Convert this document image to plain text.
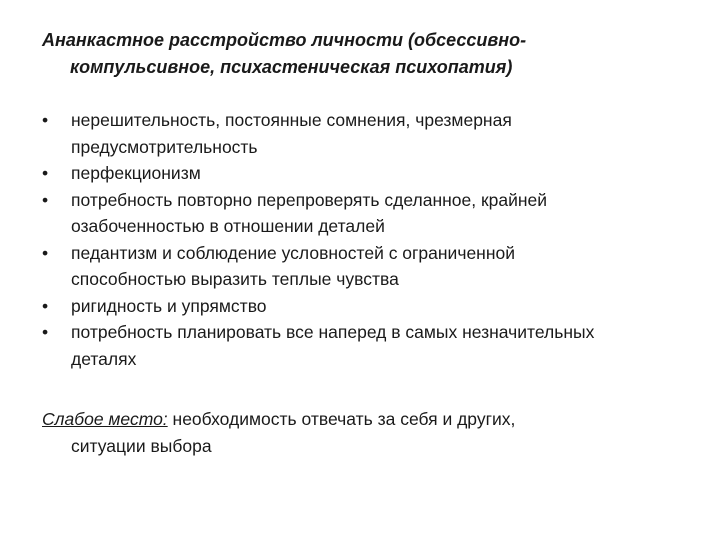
Ананкастное расстройство личности (обсессивно-
компульсивное, психастеническая психопатия)
•	нерешительность, постоянные сомнения, чрезмерная
предусмотрительность
•	перфекционизм
•	потребность повторно перепроверять сделанное, крайней
озабоченностью в отношении деталей
•	педантизм и соблюдение условностей с ограниченной
способностью выразить теплые чувства
•	ригидность и упрямство
•	потребность планировать все наперед в самых незначительных
деталях
Слабое место: необходимость отвечать за себя и других,
ситуации выбора
